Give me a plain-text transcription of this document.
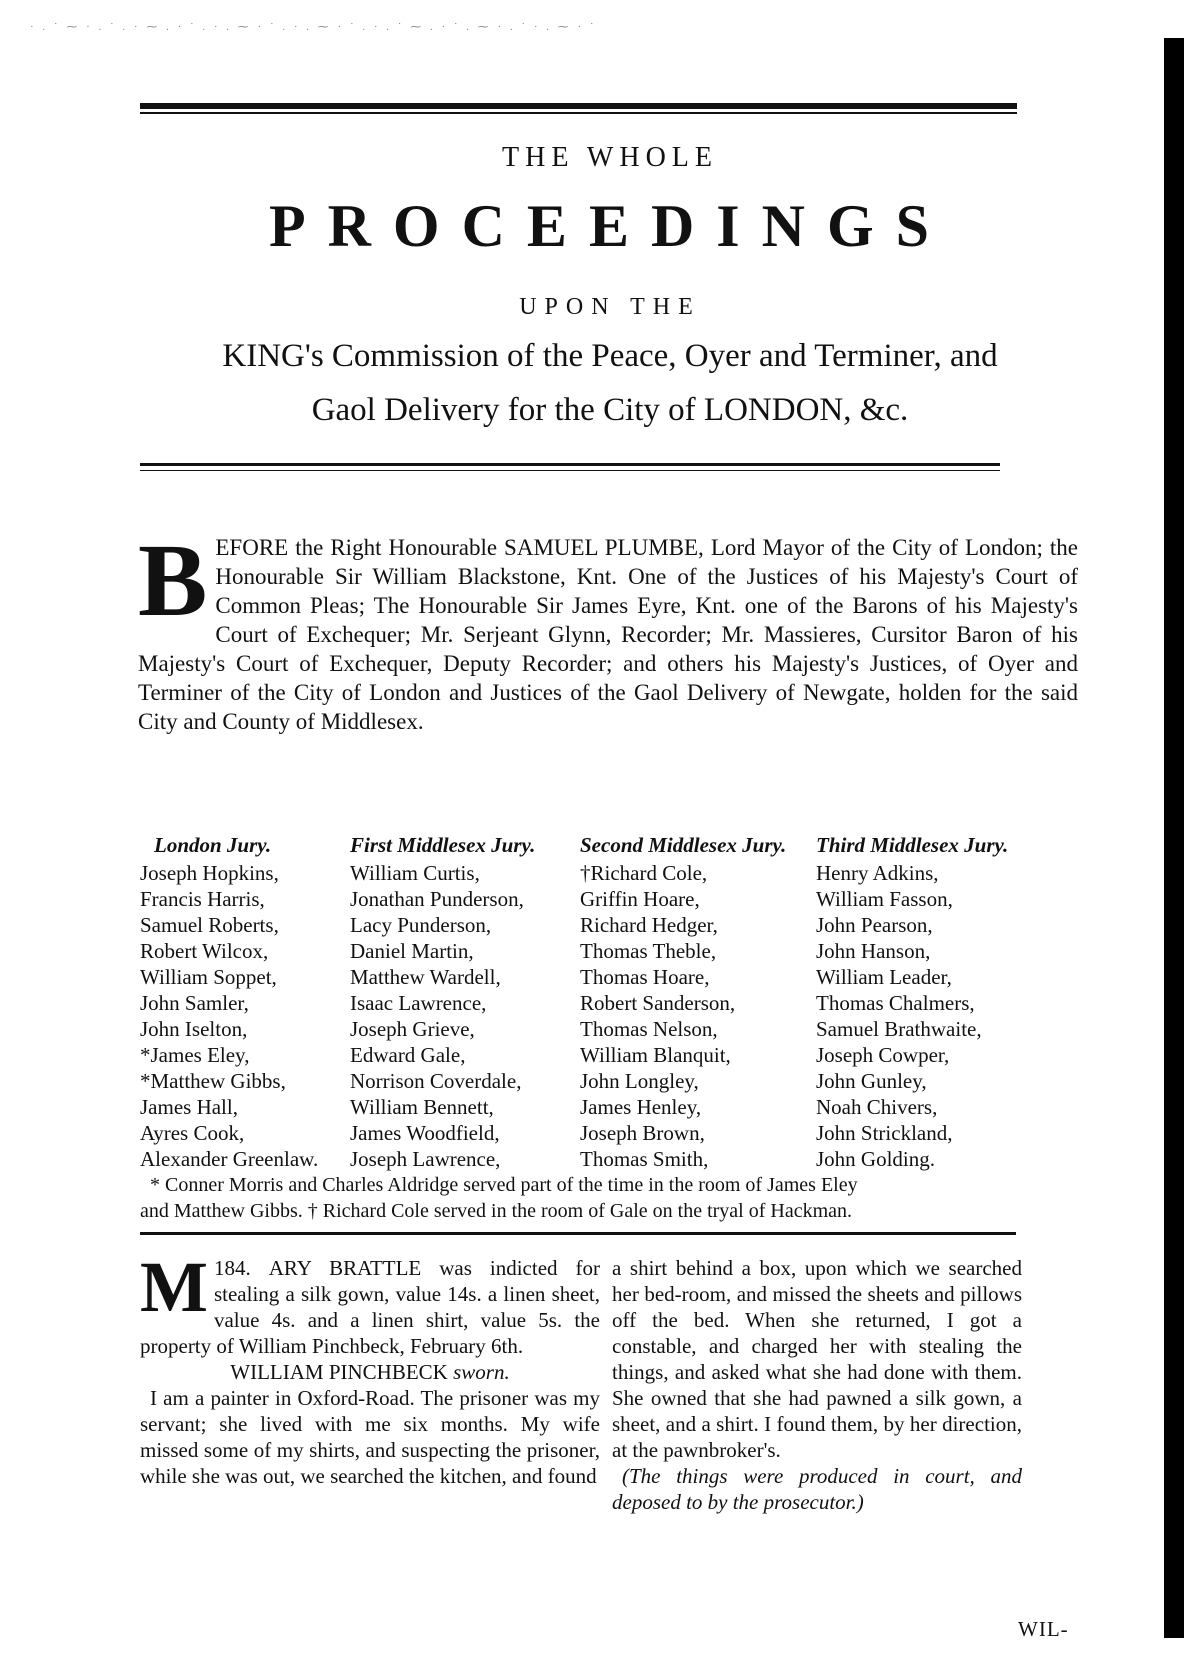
· . ˙ ⁓ · . ˙ . · ⁓ . · ˙ . · . ⁓ · ˙ . · . ⁓ · ˙ . · . ˙ ⁓ . · ˙ . ⁓ · . ˙ · . ⁓ · ˙
THE WHOLE
PROCEEDINGS
UPON THE
KING's Commission of the Peace, Oyer and Terminer, and
Gaol Delivery for the City of LONDON, &c.
BEFORE the Right Honourable SAMUEL PLUMBE, Lord Mayor of the City of London; the Honourable Sir William Blackstone, Knt. One of the Justices of his Majesty's Court of Common Pleas; The Honourable Sir James Eyre, Knt. one of the Barons of his Majesty's Court of Exchequer; Mr. Serjeant Glynn, Recorder; Mr. Massieres, Cursitor Baron of his Majesty's Court of Exchequer, Deputy Recorder; and others his Majesty's Justices, of Oyer and Terminer of the City of London and Justices of the Gaol Delivery of Newgate, holden for the said City and County of Middlesex.
London Jury.
Joseph Hopkins,
Francis Harris,
Samuel Roberts,
Robert Wilcox,
William Soppet,
John Samler,
John Iselton,
*James Eley,
*Matthew Gibbs,
James Hall,
Ayres Cook,
Alexander Greenlaw.
First Middlesex Jury.
William Curtis,
Jonathan Punderson,
Lacy Punderson,
Daniel Martin,
Matthew Wardell,
Isaac Lawrence,
Joseph Grieve,
Edward Gale,
Norrison Coverdale,
William Bennett,
James Woodfield,
Joseph Lawrence,
Second Middlesex Jury.
†Richard Cole,
Griffin Hoare,
Richard Hedger,
Thomas Theble,
Thomas Hoare,
Robert Sanderson,
Thomas Nelson,
William Blanquit,
John Longley,
James Henley,
Joseph Brown,
Thomas Smith,
Third Middlesex Jury.
Henry Adkins,
William Fasson,
John Pearson,
John Hanson,
William Leader,
Thomas Chalmers,
Samuel Brathwaite,
Joseph Cowper,
John Gunley,
Noah Chivers,
John Strickland,
John Golding.
* Conner Morris and Charles Aldridge served part of the time in the room of James Eley
and Matthew Gibbs. † Richard Cole served in the room of Gale on the tryal of Hackman.

184.
M	ARY BRATTLE was indicted for stealing a silk gown, value 14s. a linen sheet, value 4s. and a linen shirt, value 5s. the property of William Pinchbeck, February 6th.

WILLIAM PINCHBECK sworn.

I am a painter in Oxford-Road. The prisoner was my servant; she lived with me six months. My wife missed some of my shirts, and suspecting the prisoner, while she was out, we searched the kitchen, and found

a shirt behind a box, upon which we searched her bed-room, and missed the sheets and pillows off the bed. When she returned, I got a constable, and charged her with stealing the things, and asked what she had done with them. She owned that she had pawned a silk gown, a sheet, and a shirt. I found them, by her direction, at the pawnbroker's.

(The things were produced in court, and deposed to by the prosecutor.)

WIL-
